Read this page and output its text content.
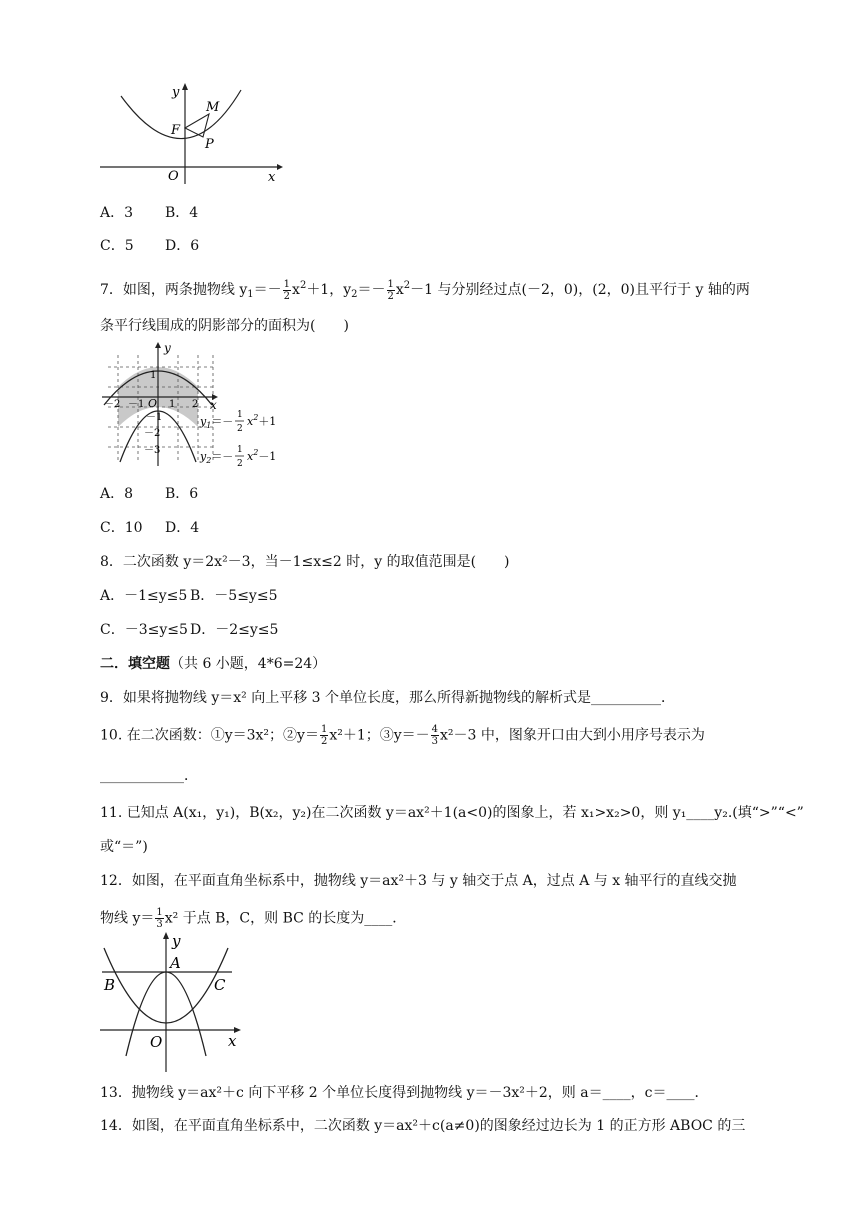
y
M
F
P
O	x
A．3 B．4
C．5 D．6
7．如图，两条抛物线 $y_1=- \frac{1}{2} x^2+1$，$y_2=- \frac{1}{2} x^2-1$ 与分别经过点(－2，0)，(2，0)且平行于 y 轴的两
条平行线围成的阴影部分的面积为(　　)
y
x
1
－2 －1 O 1 2
－1
－2
－3
$y_1=- 1$
2
$x^2+1$
$y_2=- 1$
2
$x^2-1$
A．8 B．6
C．10 D．4
8．二次函数 y＝2x²－3，当－1≤x≤2 时，y 的取值范围是(　　)
A．－1≤y≤5 B．－5≤y≤5
C．－3≤y≤5 D．－2≤y≤5
二．填空题（共 6 小题，4*6=24）
9．如果将抛物线 y＝x² 向上平移 3 个单位长度，那么所得新抛物线的解析式是__________．
10. 在二次函数：①y＝3x²；②y＝ $\frac{1}{2} x^2+1$；③y＝－ $\frac{4}{3} x^2-3$ 中，图象开口由大到小用序号表示为
____________．
11. 已知点 A(x₁，y₁)，B(x₂，y₂)在二次函数 y＝ax²＋1(a<0)的图象上，若 x₁>x₂>0，则 y₁____y₂.(填“>”“<”
或“＝”)
12．如图，在平面直角坐标系中，抛物线 y＝ax²＋3 与 y 轴交于点 A，过点 A 与 x 轴平行的直线交抛
物线 $y= \frac{1}{3} x^2$ 于点 B，C，则 BC 的长度为____．
y
A
B	C
O	x
13．抛物线 y＝ax²＋c 向下平移 2 个单位长度得到抛物线 y＝－3x²＋2，则 a＝____，c＝____．
14．如图，在平面直角坐标系中，二次函数 y＝ax²＋c(a≠0)的图象经过边长为 1 的正方形 ABOC 的三
